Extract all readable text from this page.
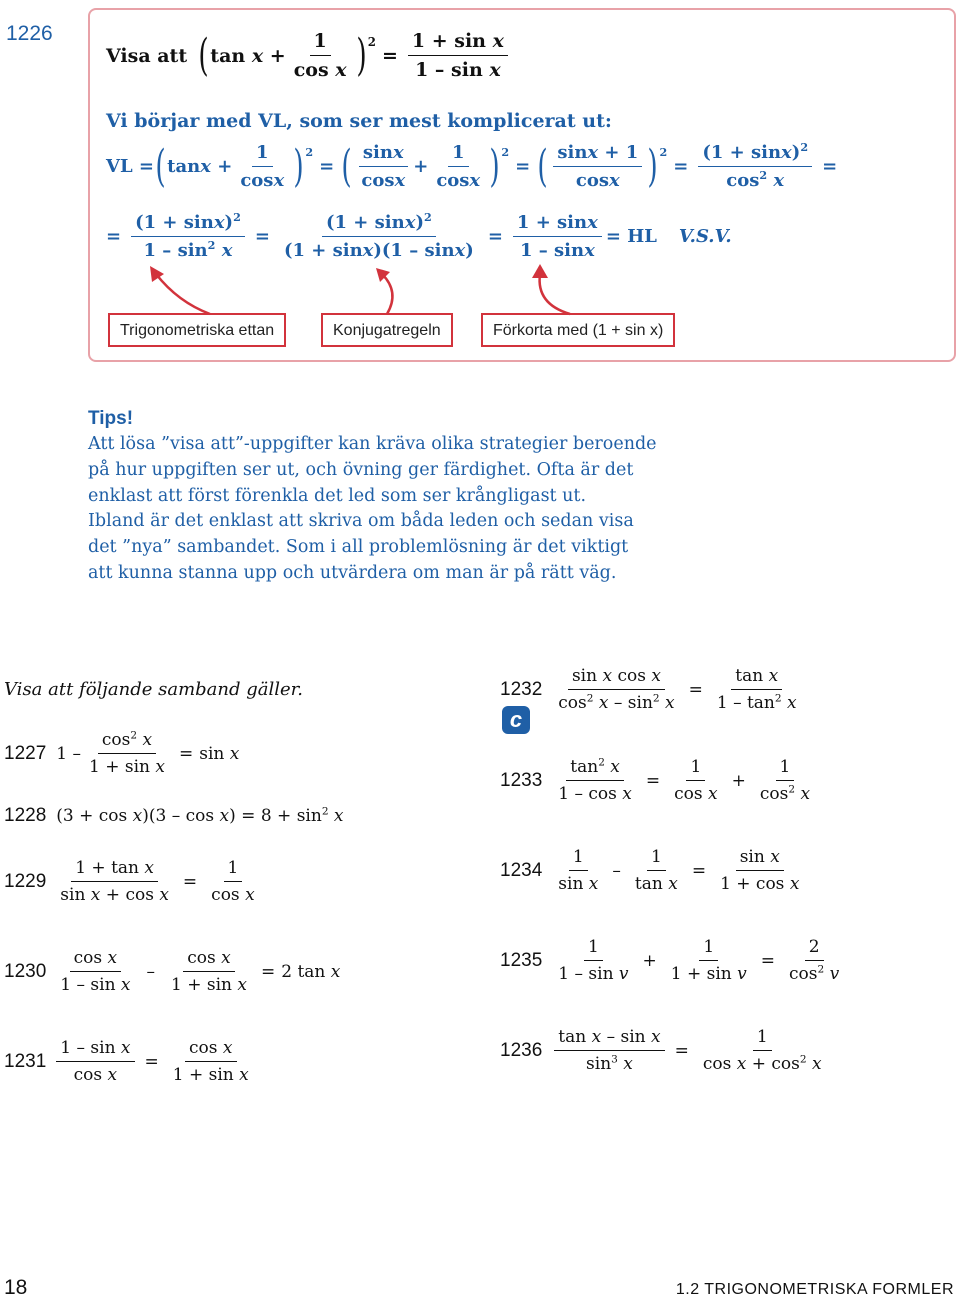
1226
Visa att ( $\tan x + \frac{1}{\text{cos x}}$ ) 2
= $\frac{\text{1 + sin x}}{\text{1 – sin x}}$
Vi börjar med VL, som ser mest komplicerat ut:
VL = ( $\tan x + \frac{1}{\cos x}$ ) 2
= ( $\frac{\sin x}{\cos x} + \frac{1}{\cos x}$ ) 2
= ( $\frac{\sin x + 1}{\cos x}$ ) 2
= $\frac{(1 + \sin x)^2}{\cos^2 x}$ =
= $\frac{(1 + \sin x)^2}{1 - \sin^2 x} = \frac{(1 + \sin x)^2}{(1 + \sin x)(1 - \sin x)} = \frac{1 + \sin x}{1 - \sin x}$ = HL V.S.V.
Trigonometriska ettan	Konjugatregeln	Förkorta med (1 + sin x)
Tips!
Att lösa ”visa att”-uppgifter kan kräva olika strategier beroende
på hur uppgiften ser ut, och övning ger färdighet. Ofta är det
enklast att först förenkla det led som ser krångligast ut.
Ibland är det enklast att skriva om båda leden och sedan visa
det ”nya” sambandet. Som i all problemlösning är det viktigt
att kunna stanna upp och utvärdera om man är på rätt väg.
Visa att följande samband gäller.
1227 $1 - \frac{\cos^2 x}{\text{1 + sin x}} = \sin x$
1228 $(3 + \cos x)(3 - \cos x) = 8 + \sin^2 x$
$1229 \frac{\text{1 + tan x}}{\text{sin x + cos x}} = \frac{1}{\text{cos x}}$
$1230 \frac{\text{cos x}}{\text{1 – sin x}} - \frac{\text{cos x}}{\text{1 + sin x}} = 2$ tan x
$1231 \frac{\text{1 – sin x}}{\text{cos x}} = \frac{\text{cos x}}{\text{1 + sin x}}$
$1232 \frac{\text{sin x cos x}}{\cos^2 x - \sin^2 x} = \frac{\text{tan x}}{1 - \tan^2 x}$
c
$1233 \frac{\tan^2 x}{\text{1 – cos x}} = \frac{1}{\text{cos x}} + \frac{1}{\cos^2 x}$
$1234 \frac{1}{\text{sin x}} - \frac{1}{\text{tan x}} = \frac{\text{sin x}}{\text{1 + cos x}}$
$1235 \frac{1}{\text{1 – sin v}} + \frac{1}{\text{1 + sin v}} = \frac{2}{\cos^2 v}$
$1236 \frac{\text{tan x – sin x}}{\sin^3 x} = \frac{1}{\cos x + \cos^2 x}$
18	1.2 TRIGONOMETRISKA FORMLER
